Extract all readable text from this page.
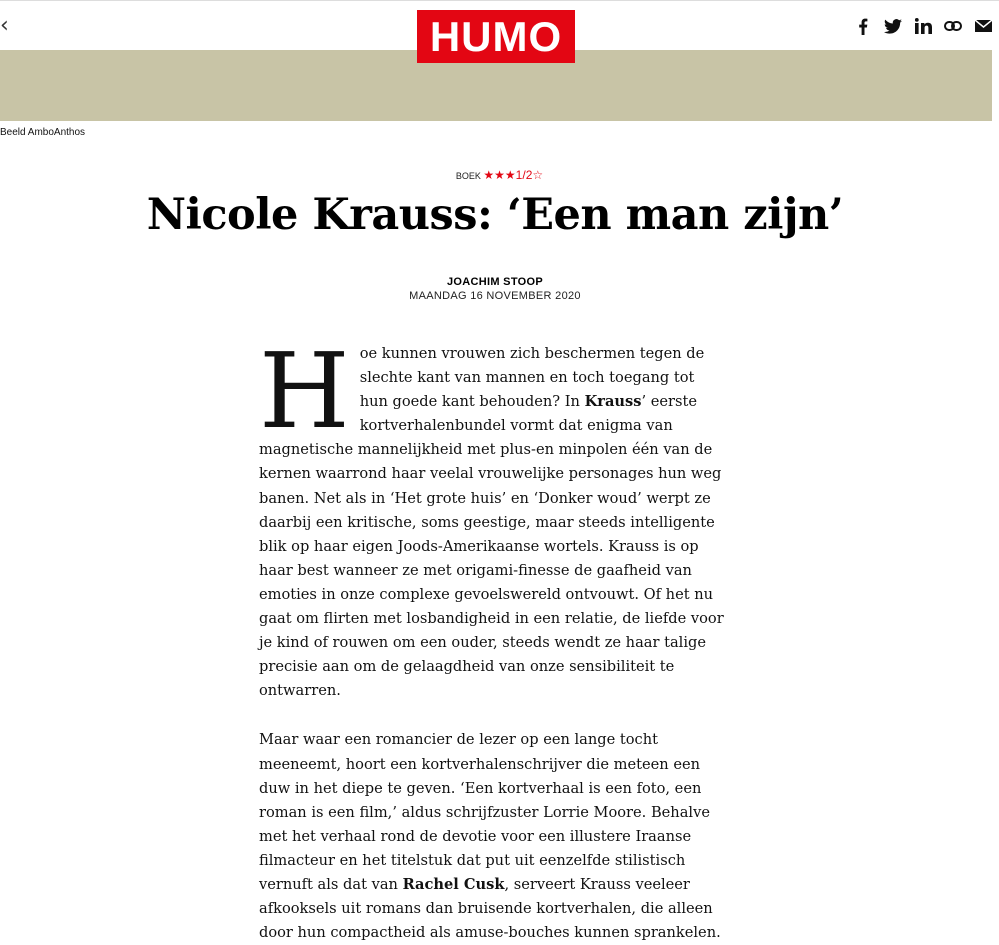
‹	HUMO
Beeld AmboAnthos
BOEK ★★★1/2☆
Nicole Krauss: ‘Een man zijn’
JOACHIM STOOP
MAANDAG 16 NOVEMBER 2020

Hoe kunnen vrouwen zich beschermen tegen de slechte kant van mannen en toch toegang tot hun goede kant behouden? In Krauss’ eerste kortverhalenbundel vormt dat enigma van magnetische mannelijkheid met plus-en minpolen één van de kernen waarrond haar veelal vrouwelijke personages hun weg banen. Net als in ‘Het grote huis’ en ‘Donker woud’ werpt ze daarbij een kritische, soms geestige, maar steeds intelligente blik op haar eigen Joods-Amerikaanse wortels. Krauss is op haar best wanneer ze met origami-finesse de gaafheid van emoties in onze complexe gevoelswereld ontvouwt. Of het nu gaat om flirten met losbandigheid in een relatie, de liefde voor je kind of rouwen om een ouder, steeds wendt ze haar talige precisie aan om de gelaagdheid van onze sensibiliteit te ontwarren.

Maar waar een romancier de lezer op een lange tocht meeneemt, hoort een kortverhalenschrijver die meteen een duw in het diepe te geven. ‘Een kortverhaal is een foto, een roman is een film,’ aldus schrijfzuster Lorrie Moore. Behalve met het verhaal rond de devotie voor een illustere Iraanse filmacteur en het titelstuk dat put uit eenzelfde stilistisch vernuft als dat van Rachel Cusk, serveert Krauss veeleer afkooksels uit romans dan bruisende kortverhalen, die alleen door hun compactheid als amuse-bouches kunnen sprankelen.
